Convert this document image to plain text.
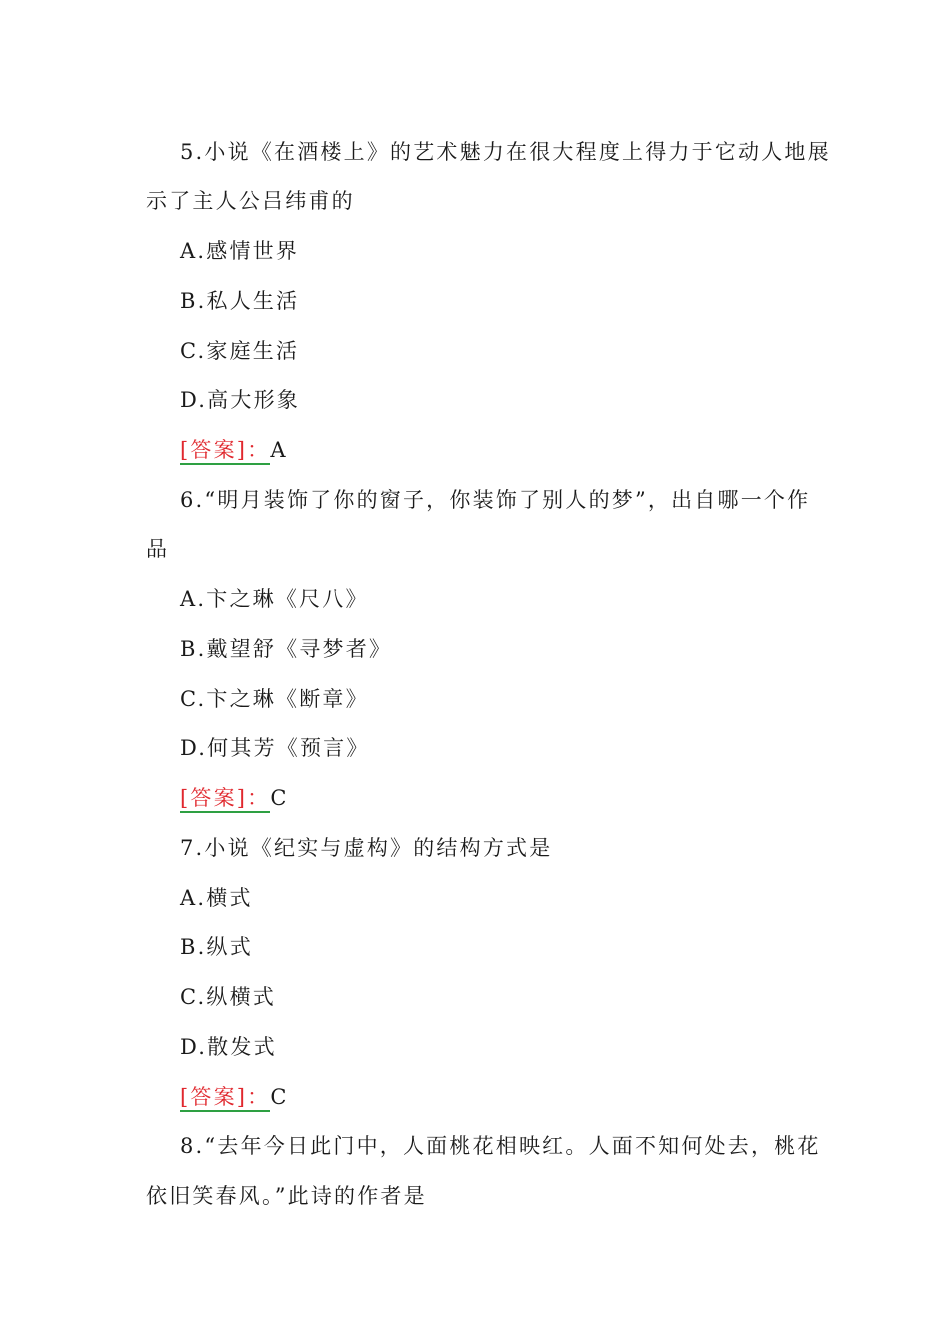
5.小说《在酒楼上》的艺术魅力在很大程度上得力于它动人地展
示了主人公吕纬甫的
A.感情世界
B.私人生活
C.家庭生活
D.高大形象
[答案]：A
6.“明月装饰了你的窗子，你装饰了别人的梦”，出自哪一个作
品
A.卞之琳《尺八》
B.戴望舒《寻梦者》
C.卞之琳《断章》
D.何其芳《预言》
[答案]：C
7.小说《纪实与虚构》的结构方式是
A.横式
B.纵式
C.纵横式
D.散发式
[答案]：C
8.“去年今日此门中，人面桃花相映红。人面不知何处去，桃花
依旧笑春风。”此诗的作者是
